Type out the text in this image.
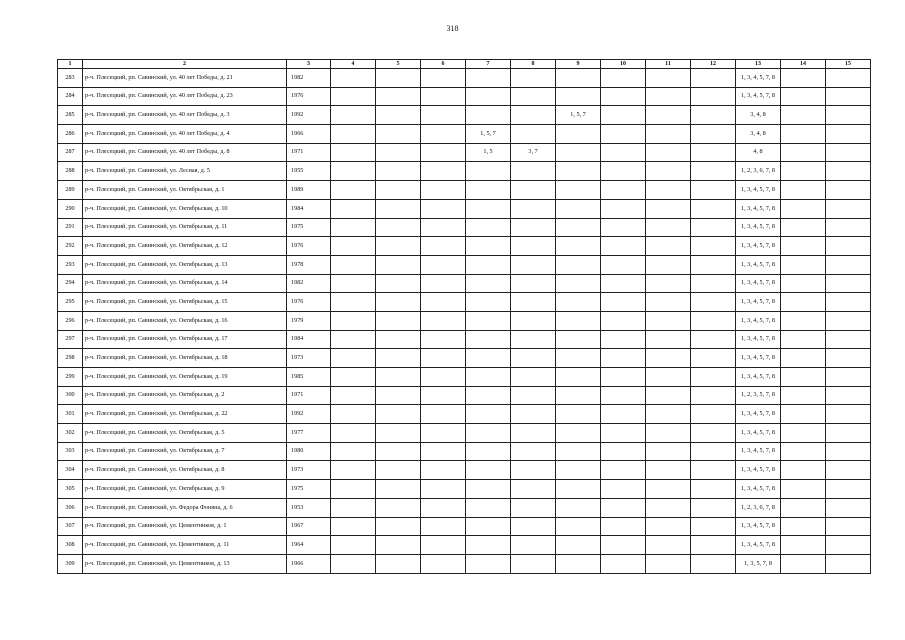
318
1	2	3	4	5	6	7	8	9	10	11	12	13	14	15
283	р-ч. Плесецкий, рп. Савинский, ул. 40 лет Победы, д. 21	1982										1, 3, 4, 5, 7, 8		
284	р-ч. Плесецкий, рп. Савинский, ул. 40 лет Победы, д. 23	1976										1, 3, 4, 5, 7, 8		
285	р-ч. Плесецкий, рп. Савинский, ул. 40 лет Победы, д. 3	1992						1, 5, 7				3, 4, 8		
286	р-ч. Плесецкий, рп. Савинский, ул. 40 лет Победы, д. 4	1966				1, 5, 7						3, 4, 8		
287	р-ч. Плесецкий, рп. Савинский, ул. 40 лет Победы, д. 8	1971				1, 5	3, 7					4, 8		
288	р-ч. Плесецкий, рп. Савинский, ул. Лесная, д. 5	1955										1, 2, 3, 6, 7, 8		
289	р-ч. Плесецкий, рп. Савинский, ул. Октябрьская, д. 1	1989										1, 3, 4, 5, 7, 8		
290	р-ч. Плесецкий, рп. Савинский, ул. Октябрьская, д. 10	1984										1, 3, 4, 5, 7, 8		
291	р-ч. Плесецкий, рп. Савинский, ул. Октябрьская, д. 11	1975										1, 3, 4, 5, 7, 8		
292	р-ч. Плесецкий, рп. Савинский, ул. Октябрьская, д. 12	1976										1, 3, 4, 5, 7, 8		
293	р-ч. Плесецкий, рп. Савинский, ул. Октябрьская, д. 13	1978										1, 3, 4, 5, 7, 8		
294	р-ч. Плесецкий, рп. Савинский, ул. Октябрьская, д. 14	1982										1, 3, 4, 5, 7, 8		
295	р-ч. Плесецкий, рп. Савинский, ул. Октябрьская, д. 15	1976										1, 3, 4, 5, 7, 8		
296	р-ч. Плесецкий, рп. Савинский, ул. Октябрьская, д. 16	1979										1, 3, 4, 5, 7, 8		
297	р-ч. Плесецкий, рп. Савинский, ул. Октябрьская, д. 17	1984										1, 3, 4, 5, 7, 8		
298	р-ч. Плесецкий, рп. Савинский, ул. Октябрьская, д. 18	1973										1, 3, 4, 5, 7, 8		
299	р-ч. Плесецкий, рп. Савинский, ул. Октябрьская, д. 19	1985										1, 3, 4, 5, 7, 8		
300	р-ч. Плесецкий, рп. Савинский, ул. Октябрьская, д. 2	1971										1, 2, 3, 5, 7, 8		
301	р-ч. Плесецкий, рп. Савинский, ул. Октябрьская, д. 22	1992										1, 3, 4, 5, 7, 8		
302	р-ч. Плесецкий, рп. Савинский, ул. Октябрьская, д. 5	1977										1, 3, 4, 5, 7, 8		
303	р-ч. Плесецкий, рп. Савинский, ул. Октябрьская, д. 7	1980										1, 3, 4, 5, 7, 8		
304	р-ч. Плесецкий, рп. Савинский, ул. Октябрьская, д. 8	1973										1, 3, 4, 5, 7, 8		
305	р-ч. Плесецкий, рп. Савинский, ул. Октябрьская, д. 9	1975										1, 3, 4, 5, 7, 8		
306	р-ч. Плесецкий, рп. Савинский, ул. Федора Фоняна, д. 6	1953										1, 2, 3, 6, 7, 8		
307	р-ч. Плесецкий, рп. Савинский, ул. Цементников, д. 1	1967										1, 3, 4, 5, 7, 8		
308	р-ч. Плесецкий, рп. Савинский, ул. Цементников, д. 11	1964										1, 3, 4, 5, 7, 8		
309	р-ч. Плесецкий, рп. Савинский, ул. Цементников, д. 13	1966										1, 3, 5, 7, 8		
